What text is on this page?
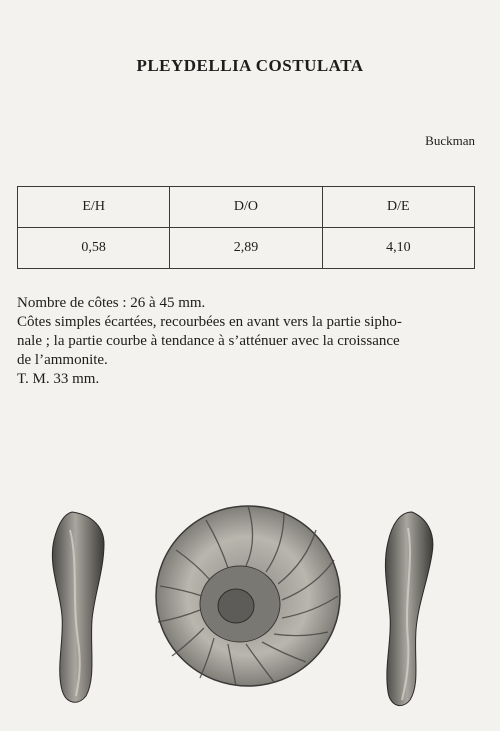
PLEYDELLIA COSTULATA
Buckman
E/H	D/O	D/E
0,58	2,89	4,10

Nombre de côtes : 26 à 45 mm.

Côtes simples écartées, recourbées en avant vers la partie sipho-

nale ; la partie courbe à tendance à s’atténuer avec la croissance

de l’ammonite.

T. M. 33 mm.
